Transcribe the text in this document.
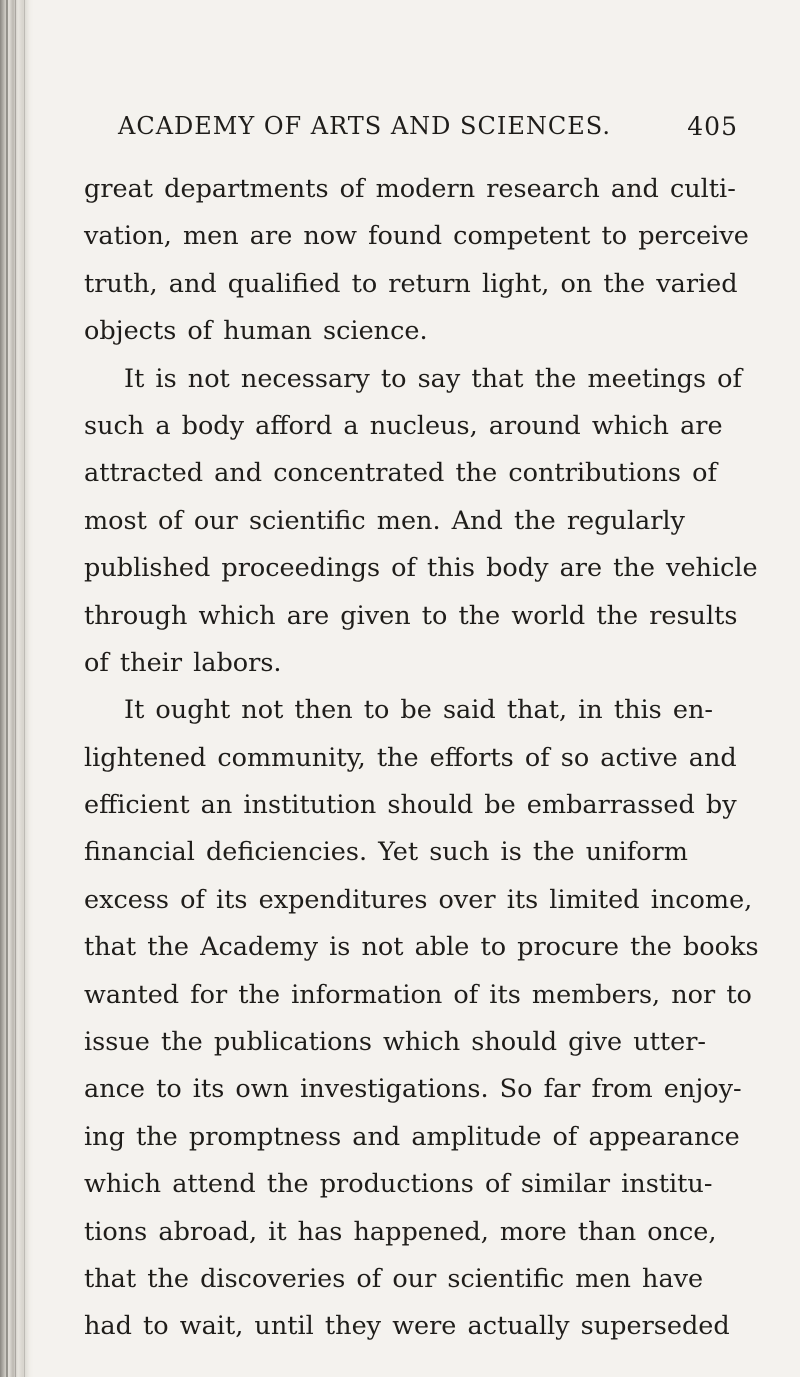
ACADEMY OF ARTS AND SCIENCES.	405
great departments of modern research and culti-
vation, men are now found competent to perceive
truth, and qualified to return light, on the varied
objects of human science.
It is not necessary to say that the meetings of
such a body afford a nucleus, around which are
attracted and concentrated the contributions of
most of our scientific men. And the regularly
published proceedings of this body are the vehicle
through which are given to the world the results
of their labors.
It ought not then to be said that, in this en-
lightened community, the efforts of so active and
efficient an institution should be embarrassed by
financial deficiencies. Yet such is the uniform
excess of its expenditures over its limited income,
that the Academy is not able to procure the books
wanted for the information of its members, nor to
issue the publications which should give utter-
ance to its own investigations. So far from enjoy-
ing the promptness and amplitude of appearance
which attend the productions of similar institu-
tions abroad, it has happened, more than once,
that the discoveries of our scientific men have
had to wait, until they were actually superseded
